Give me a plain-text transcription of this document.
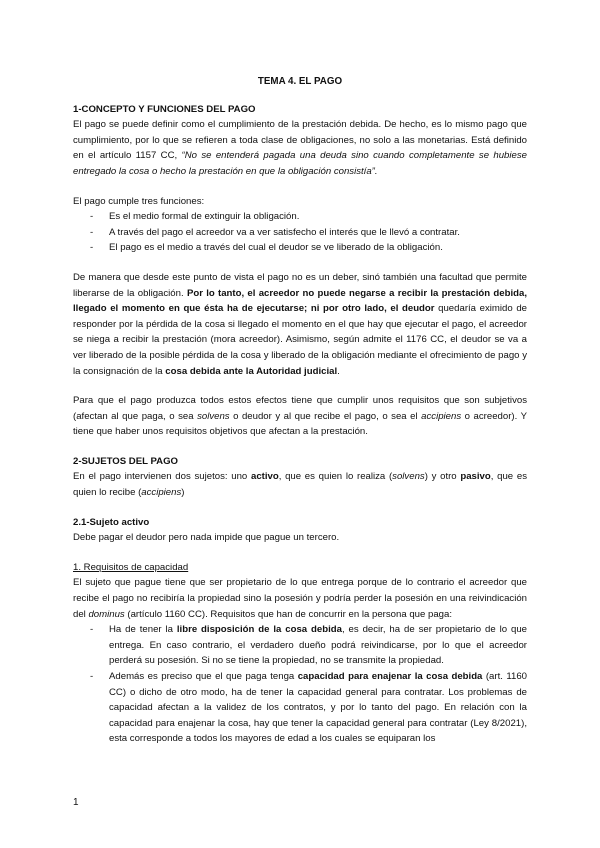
TEMA 4. EL PAGO

1-CONCEPTO Y FUNCIONES DEL PAGO

El pago se puede definir como el cumplimiento de la prestación debida. De hecho, es lo mismo pago que cumplimiento, por lo que se refieren a toda clase de obligaciones, no solo a las monetarias. Está definido en el artículo 1157 CC, “No se entenderá pagada una deuda sino cuando completamente se hubiese entregado la cosa o hecho la prestación en que la obligación consistía”.

El pago cumple tres funciones:

- Es el medio formal de extinguir la obligación.
- A través del pago el acreedor va a ver satisfecho el interés que le llevó a contratar.
- El pago es el medio a través del cual el deudor se ve liberado de la obligación.

De manera que desde este punto de vista el pago no es un deber, sinó también una facultad que permite liberarse de la obligación. Por lo tanto, el acreedor no puede negarse a recibir la prestación debida, llegado el momento en que ésta ha de ejecutarse; ni por otro lado, el deudor quedaría eximido de responder por la pérdida de la cosa si llegado el momento en el que hay que ejecutar el pago, el acreedor se niega a recibir la prestación (mora acreedor). Asimismo, según admite el 1176 CC, el deudor se va a ver liberado de la posible pérdida de la cosa y liberado de la obligación mediante el ofrecimiento de pago y la consignación de la cosa debida ante la Autoridad judicial.

Para que el pago produzca todos estos efectos tiene que cumplir unos requisitos que son subjetivos (afectan al que paga, o sea solvens o deudor y al que recibe el pago, o sea el accipiens o acreedor). Y tiene que haber unos requisitos objetivos que afectan a la prestación.

2-SUJETOS DEL PAGO

En el pago intervienen dos sujetos: uno activo, que es quien lo realiza (solvens) y otro pasivo, que es quien lo recibe (accipiens)

2.1-Sujeto activo

Debe pagar el deudor pero nada impide que pague un tercero.

1. Requisitos de capacidad

El sujeto que pague tiene que ser propietario de lo que entrega porque de lo contrario el acreedor que recibe el pago no recibiría la propiedad sino la posesión y podría perder la posesión en una reivindicación del dominus (artículo 1160 CC). Requisitos que han de concurrir en la persona que paga:

- Ha de tener la libre disposición de la cosa debida, es decir, ha de ser propietario de lo que entrega. En caso contrario, el verdadero dueño podrá reivindicarse, por lo que el acreedor perderá su posesión. Si no se tiene la propiedad, no se transmite la propiedad.
- Además es preciso que el que paga tenga capacidad para enajenar la cosa debida (art. 1160 CC) o dicho de otro modo, ha de tener la capacidad general para contratar. Los problemas de capacidad afectan a la validez de los contratos, y por lo tanto del pago. En relación con la capacidad para enajenar la cosa, hay que tener la capacidad general para contratar (Ley 8/2021), esta corresponde a todos los mayores de edad a los cuales se equiparan los
1
